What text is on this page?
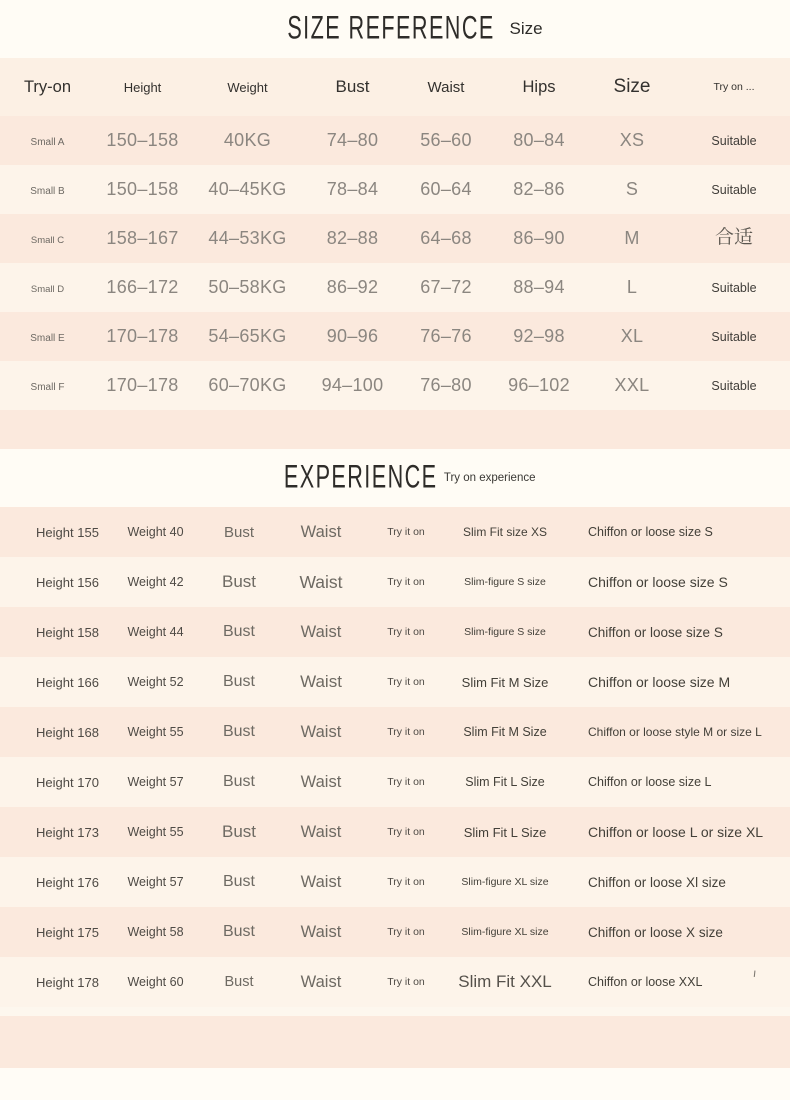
SIZE REFERENCE Size
Try-on	Height	Weight	Bust	Waist	Hips	Size	Try on ...
Small A	150–158	40KG	74–80	56–60	80–84	XS	Suitable
Small B	150–158	40–45KG	78–84	60–64	82–86	S	Suitable
Small C	158–167	44–53KG	82–88	64–68	86–90	M	合适
Small D	166–172	50–58KG	86–92	67–72	88–94	L	Suitable
Small E	170–178	54–65KG	90–96	76–76	92–98	XL	Suitable
Small F	170–178	60–70KG	94–100	76–80	96–102	XXL	Suitable
EXPERIENCE Try on experience
Height 155	Weight 40	Bust	Waist	Try it on	Slim Fit size XS	Chiffon or loose size S
Height 156	Weight 42	Bust	Waist	Try it on	Slim-figure S size	Chiffon or loose size S
Height 158	Weight 44	Bust	Waist	Try it on	Slim-figure S size	Chiffon or loose size S
Height 166	Weight 52	Bust	Waist	Try it on	Slim Fit M Size	Chiffon or loose size M
Height 168	Weight 55	Bust	Waist	Try it on	Slim Fit M Size	Chiffon or loose style M or size L
Height 170	Weight 57	Bust	Waist	Try it on	Slim Fit L Size	Chiffon or loose size L
Height 173	Weight 55	Bust	Waist	Try it on	Slim Fit L Size	Chiffon or loose L or size XL
Height 176	Weight 57	Bust	Waist	Try it on	Slim-figure XL size	Chiffon or loose Xl size
Height 175	Weight 58	Bust	Waist	Try it on	Slim-figure XL size	Chiffon or loose X size
Height 178	Weight 60	Bust	Waist	Try it on	Slim Fit XXL	Chiffon or loose XXL
ı
